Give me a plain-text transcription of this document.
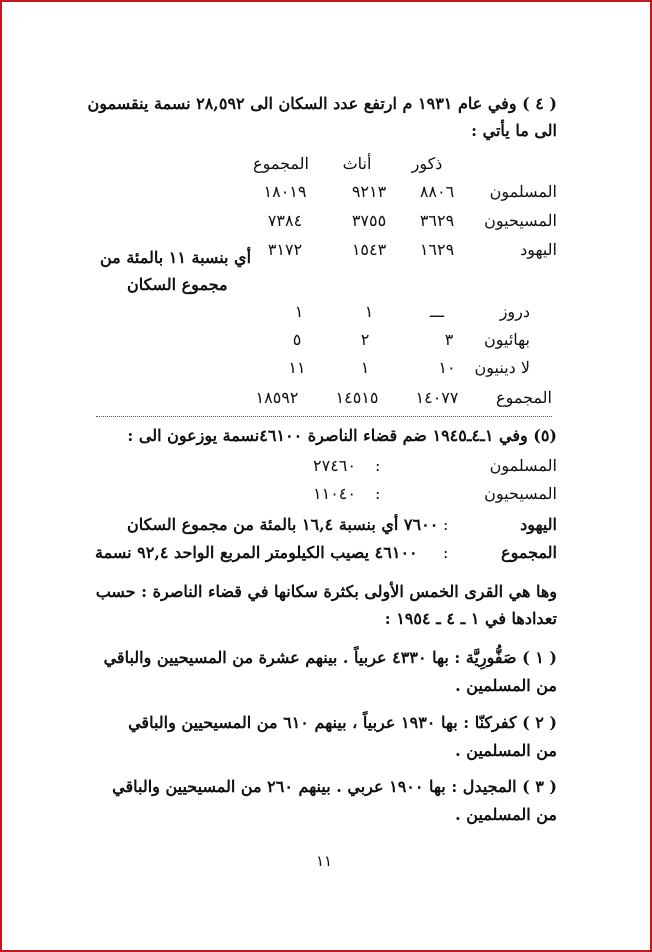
( ٤ ) وفي عام ١٩٣١ م ارتفع عدد السكان الى ٢٨,٥٩٢ نسمة ينقسمون
الى ما يأتي :
ذكور
أناث
المجموع
المسلمون
٨٨٠٦
٩٢١٣
١٨٠١٩
المسيحيون
٣٦٢٩
٣٧٥٥
٧٣٨٤
اليهود
١٦٢٩
١٥٤٣
٣١٧٢
أي بنسبة ١١ بالمئة من
مجموع السكان
دروز
ـــ
١
١
بهائيون
٣
٢
٥
لا دينيون
١٠
١
١١
المجموع
١٤٠٧٧
١٤٥١٥
١٨٥٩٢
(٥) وفي ١ـ٤ـ١٩٤٥ ضم قضاء الناصرة ٤٦١٠٠نسمة يوزعون الى :
المسلمون
:
٢٧٤٦٠
المسيحيون
:
١١٠٤٠
اليهود
:
٧٦٠٠ أي بنسبة ١٦,٤ بالمئة من مجموع السكان
المجموع
:
٤٦١٠٠ يصيب الكيلومتر المربع الواحد ٩٢,٤ نسمة
وها هي القرى الخمس الأولى بكثرة سكانها في قضاء الناصرة : حسب
تعدادها في ١ ـ ٤ ـ ١٩٥٤ :
( ١ ) صَفُّورِيَّة : بها ٤٣٣٠ عربياً . بينهم عشرة من المسيحيين والباقي
من المسلمين .
( ٢ ) كفركنّا : بها ١٩٣٠ عربياً ، بينهم ٦١٠ من المسيحيين والباقي
من المسلمين .
( ٣ ) المجيدل : بها ١٩٠٠ عربي . بينهم ٢٦٠ من المسيحيين والباقي
من المسلمين .
١١
